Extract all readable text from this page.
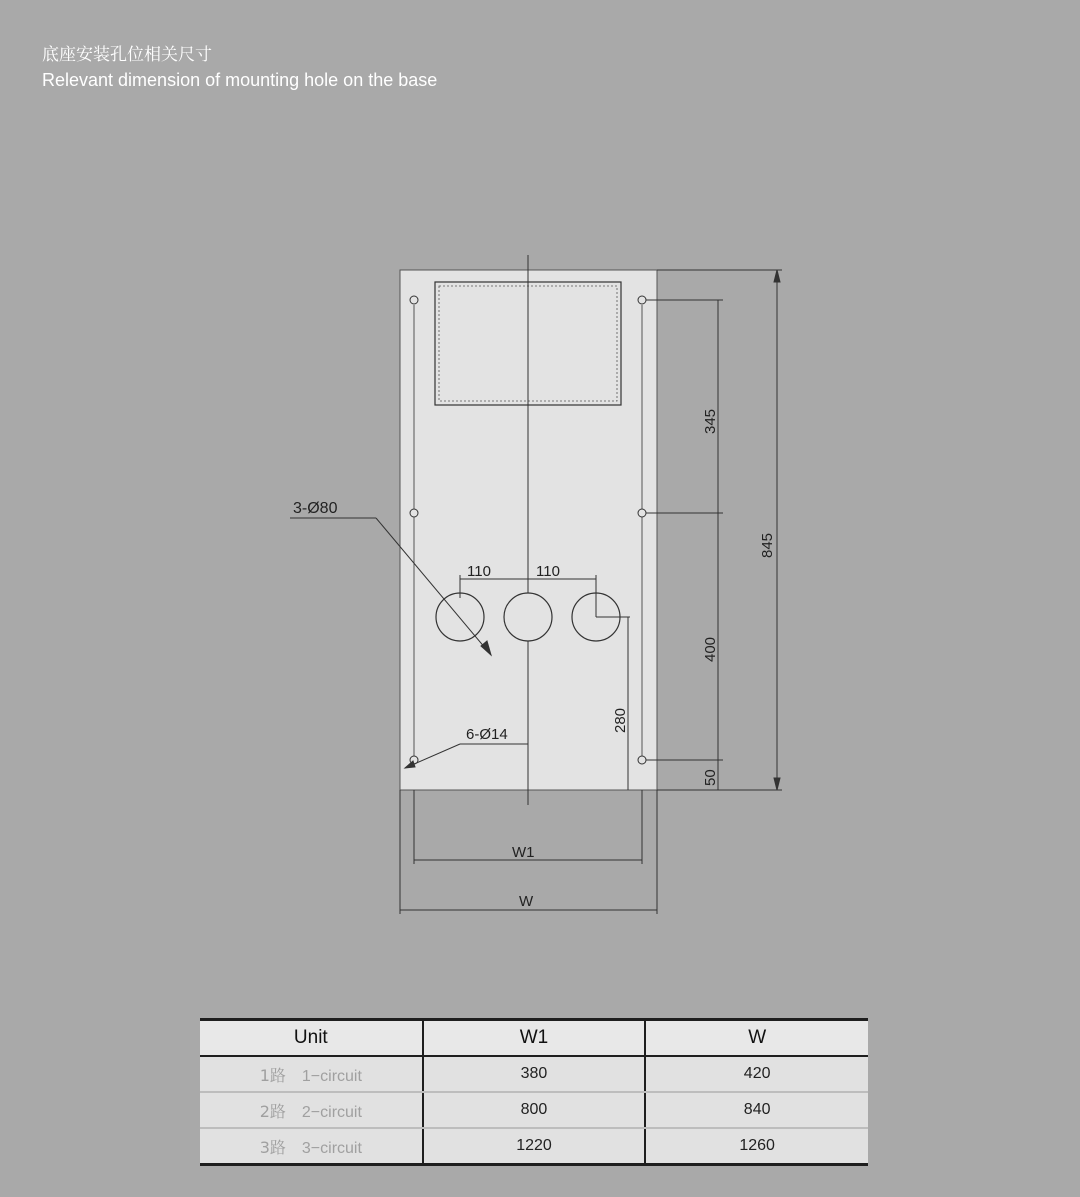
底座安装孔位相关尺寸
Relevant dimension of mounting hole on the base
110	110
3-Ø80
6-Ø14
280
345
400
50
845
W1
W
Unit	W1	W
1路 1−circuit	380	420
2路 2−circuit	800	840
3路 3−circuit	1220	1260
